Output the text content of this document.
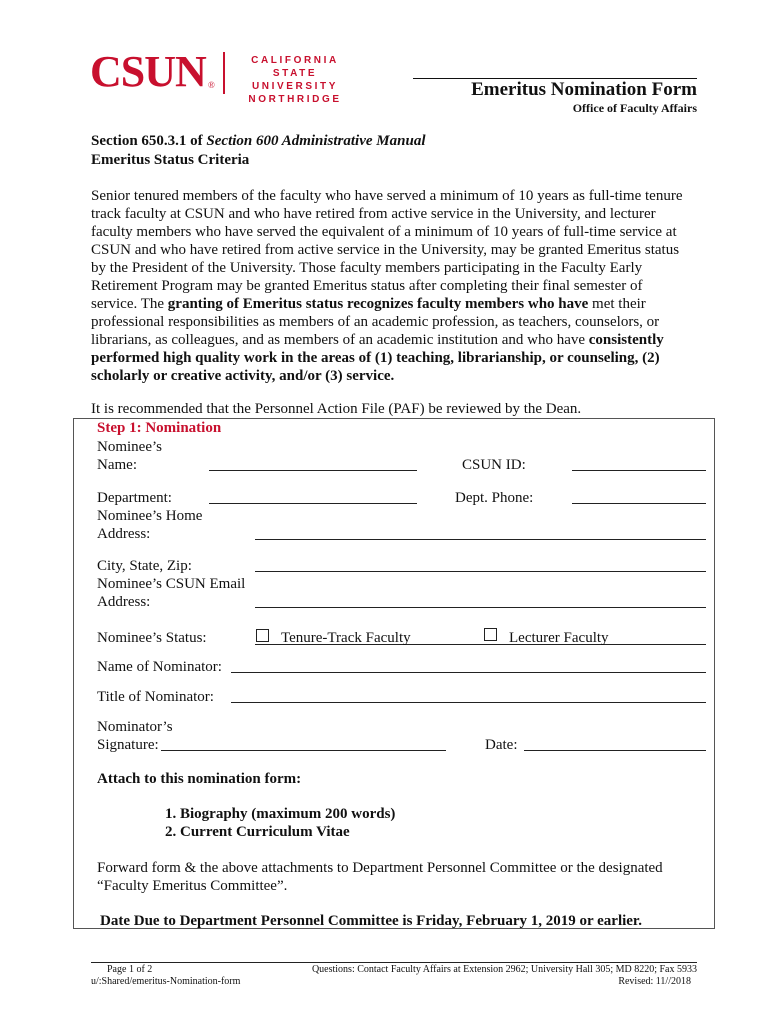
CSUN ®
CALIFORNIA
STATE UNIVERSITY
NORTHRIDGE	Emeritus Nomination Form
Office of Faculty Affairs
Section 650.3.1 of Section 600 Administrative Manual
Emeritus Status Criteria
Senior tenured members of the faculty who have served a minimum of 10 years as full-time tenure
track faculty at CSUN and who have retired from active service in the University, and lecturer
faculty members who have served the equivalent of a minimum of 10 years of full-time service at
CSUN and who have retired from active service in the University, may be granted Emeritus status
by the President of the University. Those faculty members participating in the Faculty Early
Retirement Program may be granted Emeritus status after completing their final semester of
service. The granting of Emeritus status recognizes faculty members who have met their
professional responsibilities as members of an academic profession, as teachers, counselors, or
librarians, as colleagues, and as members of an academic institution and who have consistently
performed high quality work in the areas of (1) teaching, librarianship, or counseling, (2)
scholarly or creative activity, and/or (3) service.
It is recommended that the Personnel Action File (PAF) be reviewed by the Dean.
Step 1: Nomination
Nominee’s
Name:	CSUN ID:
Department:	Dept. Phone:
Nominee’s Home
Address:
City, State, Zip:
Nominee’s CSUN Email
Address:
Nominee’s Status:	Tenure-Track Faculty	Lecturer Faculty
Name of Nominator:
Title of Nominator:
Nominator’s
Signature:	Date:
Attach to this nomination form:
1. Biography (maximum 200 words)
2. Current Curriculum Vitae
Forward form & the above attachments to Department Personnel Committee or the designated
“Faculty Emeritus Committee”.
Date Due to Department Personnel Committee is Friday, February 1, 2019 or earlier.
Page 1 of 2
u/:Shared/emeritus-Nomination-form
Questions: Contact Faculty Affairs at Extension 2962; University Hall 305; MD 8220; Fax 5933
Revised: 11//2018
